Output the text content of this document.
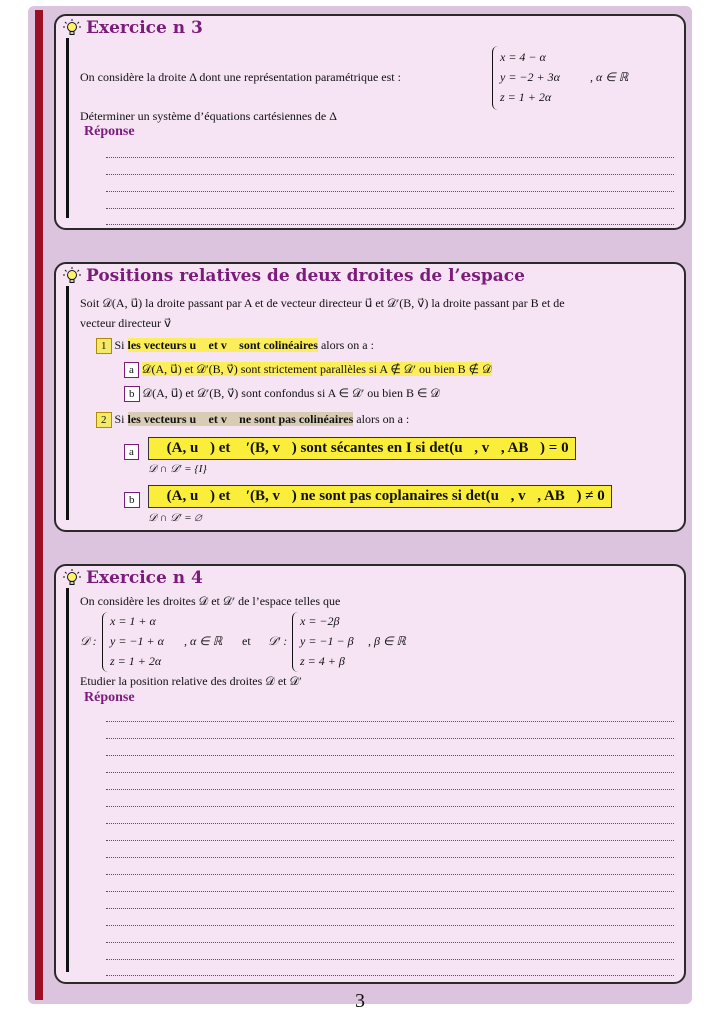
Exercice n 3
On considère la droite Δ dont une représentation paramétrique est :
x = 4 − α
y = −2 + 3α
z = 1 + 2α
, α ∈ ℝ
Déterminer un système d’équations cartésiennes de Δ
Réponse
Positions relatives de deux droites de l’espace
Soit 𝒟(A, u⃗) la droite passant par A et de vecteur directeur u⃗ et 𝒟′(B, v⃗) la droite passant par B et de
vecteur directeur v⃗
1 Si les vecteurs u⃗ et v⃗ sont colinéaires alors on a :
a 𝒟(A, u⃗) et 𝒟′(B, v⃗) sont strictement parallèles si A ∉ 𝒟′ ou bien B ∉ 𝒟
b 𝒟(A, u⃗) et 𝒟′(B, v⃗) sont confondus si A ∈ 𝒟′ ou bien B ∈ 𝒟
2 Si les vecteurs u⃗ et v⃗ ne sont pas colinéaires alors on a :
a	𝒟(A, u⃗) et 𝒟′(B, v⃗) sont sécantes en I si det(u⃗, v⃗, AB⃗) = 0
𝒟 ∩ 𝒟′ = {I}
b	𝒟(A, u⃗) et 𝒟′(B, v⃗) ne sont pas coplanaires si det(u⃗, v⃗, AB⃗) ≠ 0
𝒟 ∩ 𝒟′ = ∅
Exercice n 4
On considère les droites 𝒟 et 𝒟′ de l’espace telles que
𝒟 :
x = 1 + α
y = −1 + α
z = 1 + 2α
, α ∈ ℝ et 𝒟′ :
x = −2β
y = −1 − β
z = 4 + β
, β ∈ ℝ
Etudier la position relative des droites 𝒟 et 𝒟′
Réponse
3
